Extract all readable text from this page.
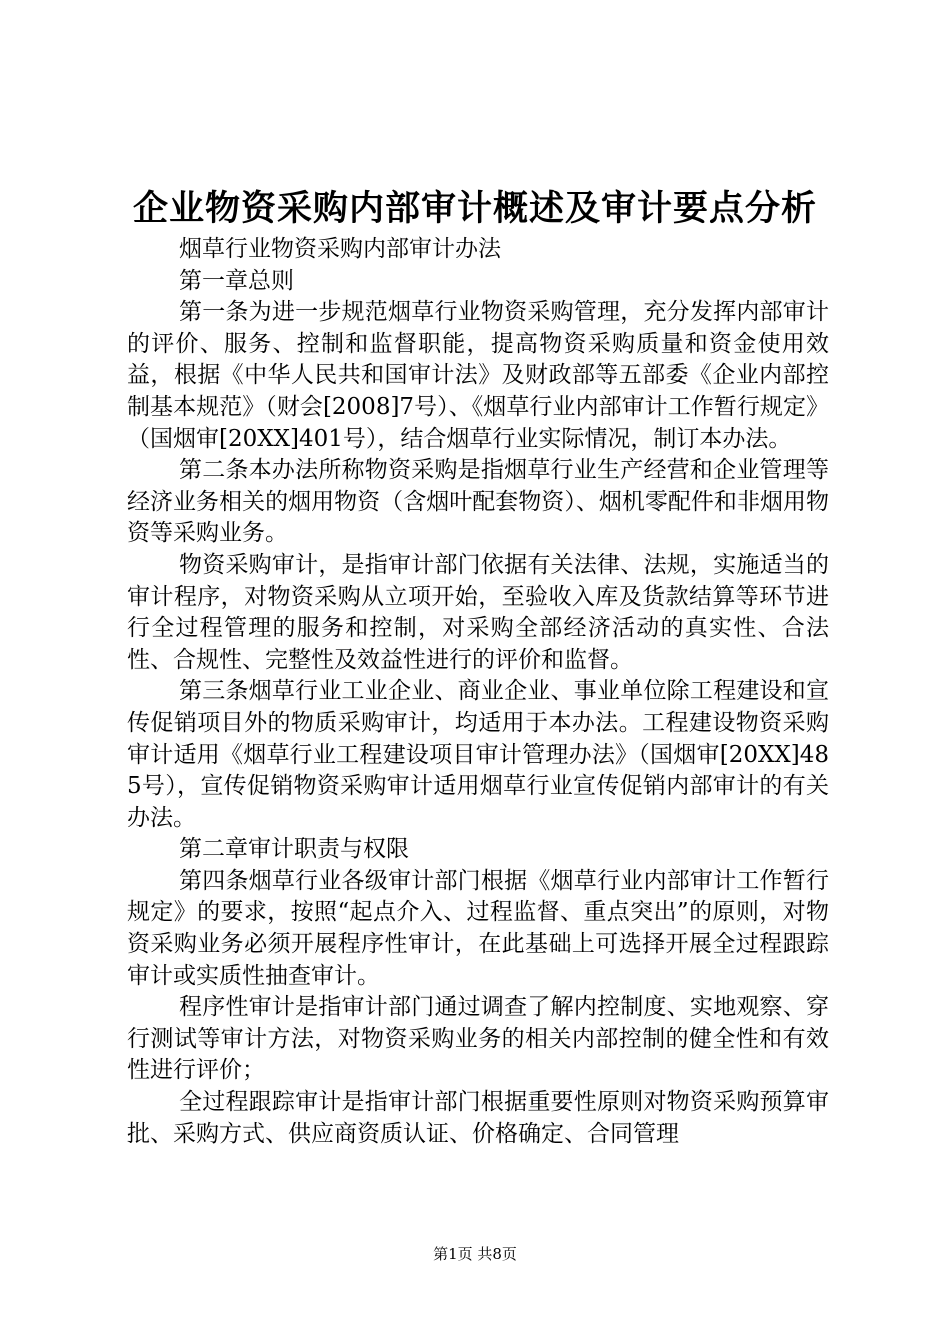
企业物资采购内部审计概述及审计要点分析

烟草行业物资采购内部审计办法

第一章总则

第一条为进一步规范烟草行业物资采购管理，充分发挥内部审计的评价、服务、控制和监督职能，提高物资采购质量和资金使用效益，根据《中华人民共和国审计法》及财政部等五部委《企业内部控制基本规范》（财会[2008]7号）、《烟草行业内部审计工作暂行规定》（国烟审[20XX]401号），结合烟草行业实际情况，制订本办法。

第二条本办法所称物资采购是指烟草行业生产经营和企业管理等经济业务相关的烟用物资（含烟叶配套物资）、烟机零配件和非烟用物资等采购业务。

物资采购审计，是指审计部门依据有关法律、法规，实施适当的审计程序，对物资采购从立项开始，至验收入库及货款结算等环节进行全过程管理的服务和控制，对采购全部经济活动的真实性、合法性、合规性、完整性及效益性进行的评价和监督。

第三条烟草行业工业企业、商业企业、事业单位除工程建设和宣传促销项目外的物质采购审计，均适用于本办法。工程建设物资采购审计适用《烟草行业工程建设项目审计管理办法》（国烟审[20XX]485号），宣传促销物资采购审计适用烟草行业宣传促销内部审计的有关办法。

第二章审计职责与权限

第四条烟草行业各级审计部门根据《烟草行业内部审计工作暂行规定》的要求，按照“起点介入、过程监督、重点突出”的原则，对物资采购业务必须开展程序性审计，在此基础上可选择开展全过程跟踪审计或实质性抽查审计。

程序性审计是指审计部门通过调查了解内控制度、实地观察、穿行测试等审计方法，对物资采购业务的相关内部控制的健全性和有效性进行评价；

全过程跟踪审计是指审计部门根据重要性原则对物资采购预算审批、采购方式、供应商资质认证、价格确定、合同管理

第1页 共8页
